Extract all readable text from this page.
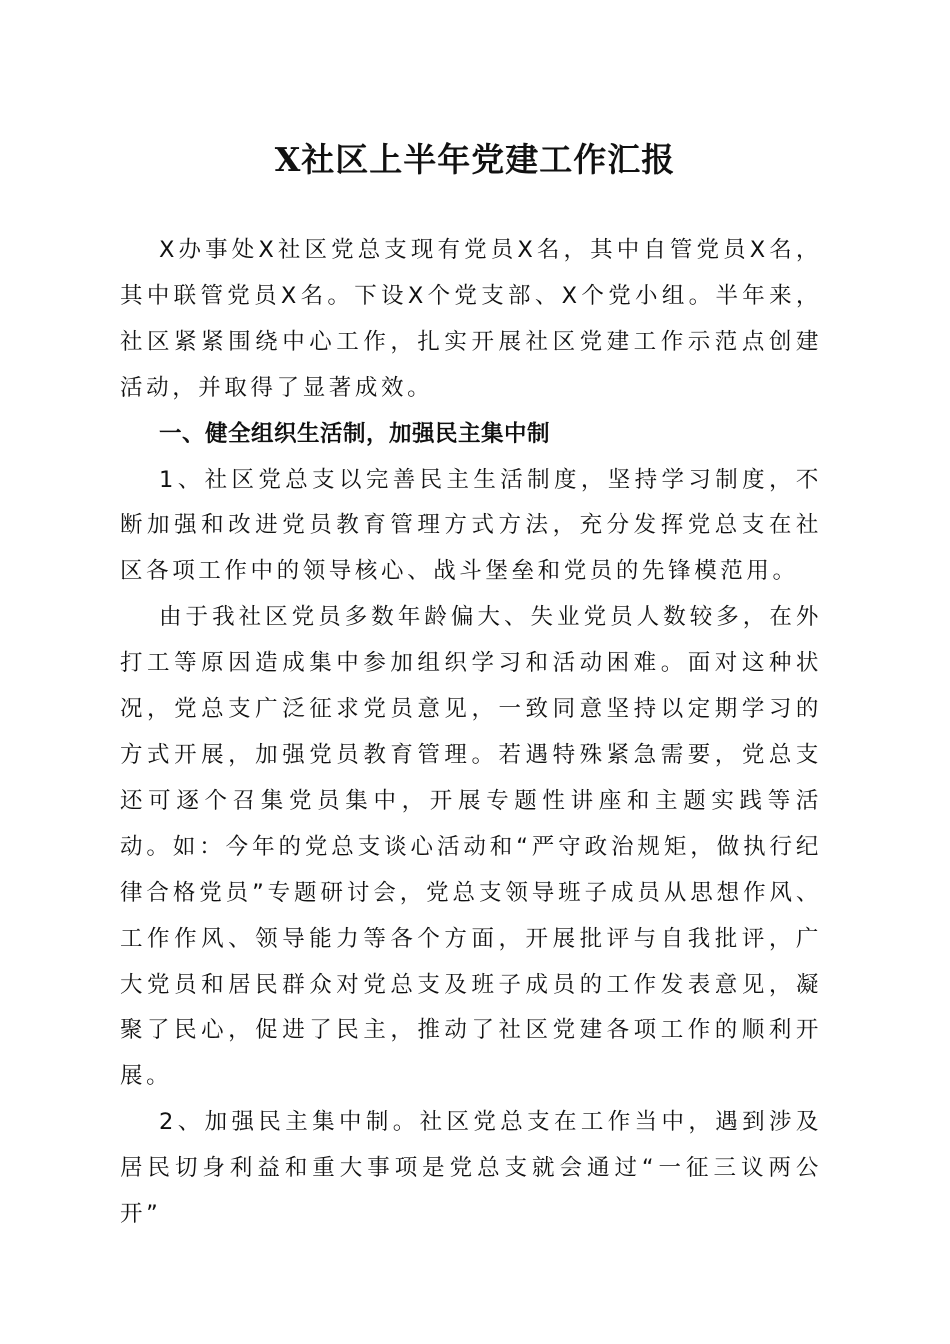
X社区上半年党建工作汇报

X办事处X社区党总支现有党员X名，其中自管党员X名，其中联管党员X名。下设X个党支部、X个党小组。半年来，社区紧紧围绕中心工作，扎实开展社区党建工作示范点创建活动，并取得了显著成效。

一、健全组织生活制，加强民主集中制

1、社区党总支以完善民主生活制度，坚持学习制度，不断加强和改进党员教育管理方式方法，充分发挥党总支在社区各项工作中的领导核心、战斗堡垒和党员的先锋模范用。

由于我社区党员多数年龄偏大、失业党员人数较多，在外打工等原因造成集中参加组织学习和活动困难。面对这种状况，党总支广泛征求党员意见，一致同意坚持以定期学习的方式开展，加强党员教育管理。若遇特殊紧急需要，党总支还可逐个召集党员集中，开展专题性讲座和主题实践等活动。如：今年的党总支谈心活动和“严守政治规矩，做执行纪律合格党员”专题研讨会，党总支领导班子成员从思想作风、工作作风、领导能力等各个方面，开展批评与自我批评，广大党员和居民群众对党总支及班子成员的工作发表意见，凝聚了民心，促进了民主，推动了社区党建各项工作的顺利开展。

2、加强民主集中制。社区党总支在工作当中，遇到涉及居民切身利益和重大事项是党总支就会通过“一征三议两公开”
